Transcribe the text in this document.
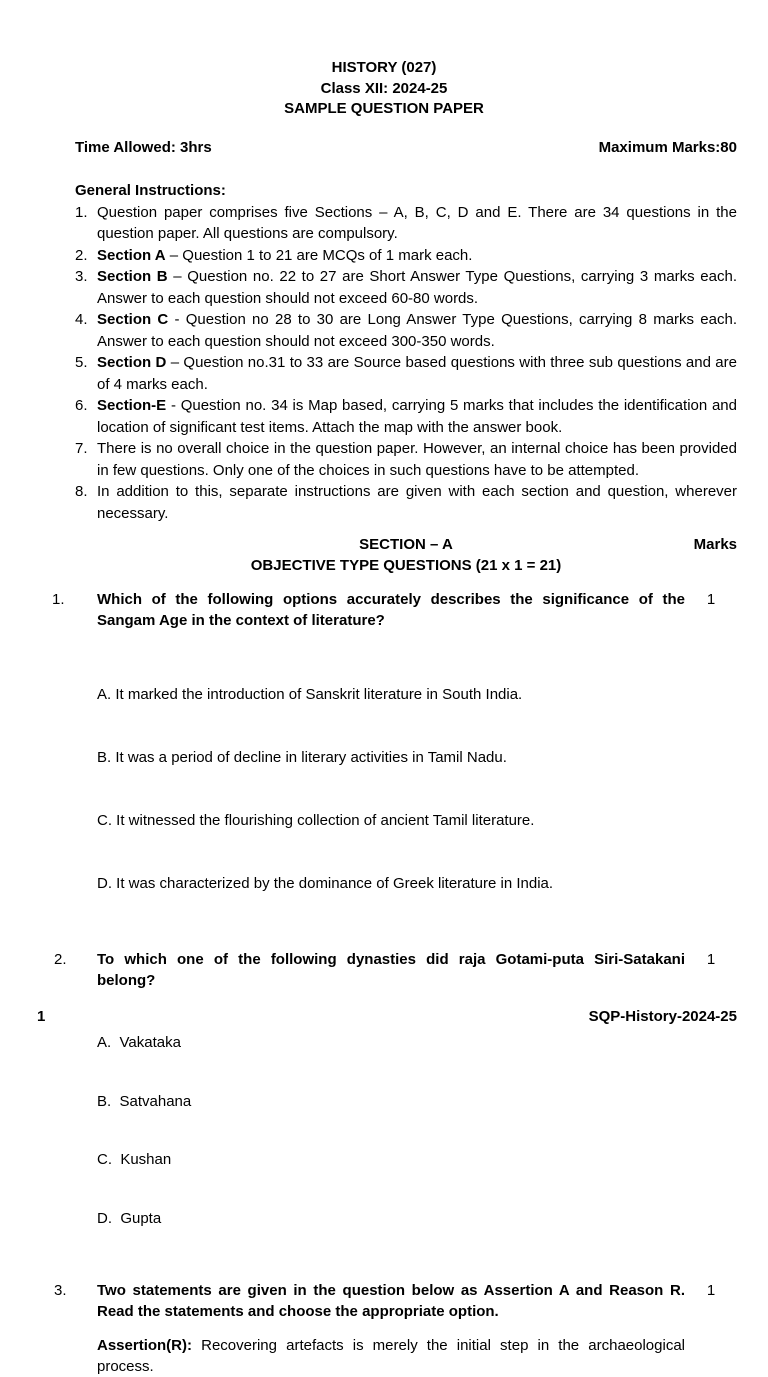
HISTORY (027)
Class XII: 2024-25
SAMPLE QUESTION PAPER
Time Allowed: 3hrs	Maximum Marks:80
General Instructions:
1. Question paper comprises five Sections – A, B, C, D and E. There are 34 questions in the question paper. All questions are compulsory.
2. Section A – Question 1 to 21 are MCQs of 1 mark each.
3. Section B – Question no. 22 to 27 are Short Answer Type Questions, carrying 3 marks each. Answer to each question should not exceed 60-80 words.
4. Section C - Question no 28 to 30 are Long Answer Type Questions, carrying 8 marks each. Answer to each question should not exceed 300-350 words.
5. Section D – Question no.31 to 33 are Source based questions with three sub questions and are of 4 marks each.
6. Section-E - Question no. 34 is Map based, carrying 5 marks that includes the identification and location of significant test items. Attach the map with the answer book.
7. There is no overall choice in the question paper. However, an internal choice has been provided in few questions. Only one of the choices in such questions have to be attempted.
8. In addition to this, separate instructions are given with each section and question, wherever necessary.
SECTION – A	Marks
OBJECTIVE TYPE QUESTIONS (21 x 1 = 21)
1.	Which of the following options accurately describes the significance of the Sangam Age in the context of literature?

A. It marked the introduction of Sanskrit literature in South India.

B. It was a period of decline in literary activities in Tamil Nadu.

C. It witnessed the flourishing collection of ancient Tamil literature.

D. It was characterized by the dominance of Greek literature in India.

1
2.	To which one of the following dynasties did raja Gotami-puta Siri-Satakani belong?

A.  Vakataka

B.  Satvahana

C.  Kushan

D.  Gupta

1
3.	Two statements are given in the question below as Assertion A and Reason R. Read the statements and choose the appropriate option.
Assertion(R): Recovering artefacts is merely the initial step in the archaeological process.
1
1	SQP-History-2024-25
